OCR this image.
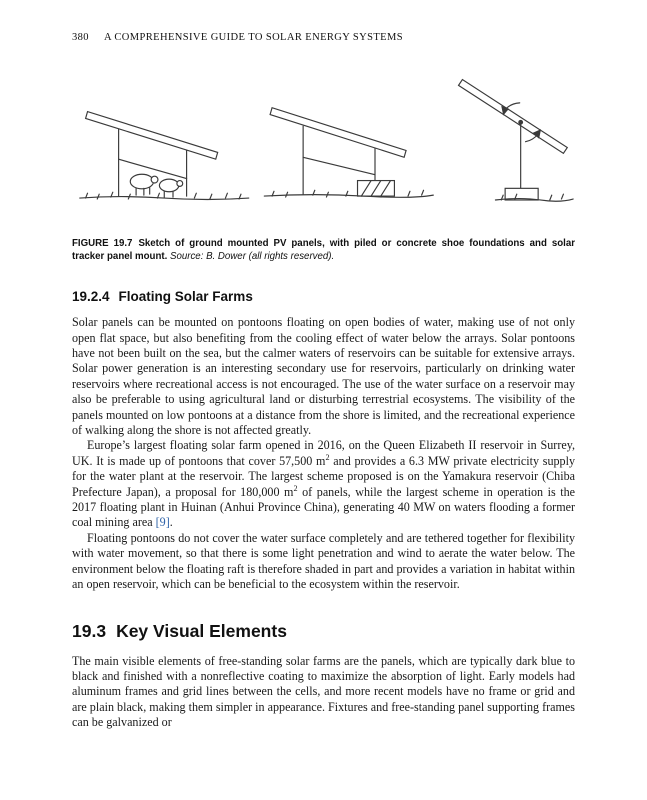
380 A COMPREHENSIVE GUIDE TO SOLAR ENERGY SYSTEMS
FIGURE 19.7 Sketch of ground mounted PV panels, with piled or concrete shoe foundations and solar tracker panel mount. Source: B. Dower (all rights reserved).
19.2.4 Floating Solar Farms

Solar panels can be mounted on pontoons floating on open bodies of water, making use of not only open flat space, but also benefiting from the cooling effect of water below the arrays. Solar pontoons have not been built on the sea, but the calmer waters of reservoirs can be suitable for extensive arrays. Solar power generation is an interesting secondary use for reservoirs, particularly on drinking water reservoirs where recreational access is not encouraged. The use of the water surface on a reservoir may also be preferable to using agricultural land or disturbing terrestrial ecosystems. The visibility of the panels mounted on low pontoons at a distance from the shore is limited, and the recreational experience of walking along the shore is not affected greatly.

Europe’s largest floating solar farm opened in 2016, on the Queen Elizabeth II reservoir in Surrey, UK. It is made up of pontoons that cover 57,500 $m^2$ and provides a 6.3 MW private electricity supply for the water plant at the reservoir. The largest scheme proposed is on the Yamakura reservoir (Chiba Prefecture Japan), a proposal for 180,000 $m^2$ of panels, while the largest scheme in operation is the 2017 floating plant in Huinan (Anhui Province China), generating 40 MW on waters flooding a former coal mining area [9].

Floating pontoons do not cover the water surface completely and are tethered together for flexibility with water movement, so that there is some light penetration and wind to aerate the water below. The environment below the floating raft is therefore shaded in part and provides a variation in habitat within an open reservoir, which can be beneficial to the ecosystem within the reservoir.

19.3 Key Visual Elements

The main visible elements of free-standing solar farms are the panels, which are typically dark blue to black and finished with a nonreflective coating to maximize the absorption of light. Early models had aluminum frames and grid lines between the cells, and more recent models have no frame or grid and are plain black, making them simpler in appearance. Fixtures and free-standing panel supporting frames can be galvanized or
